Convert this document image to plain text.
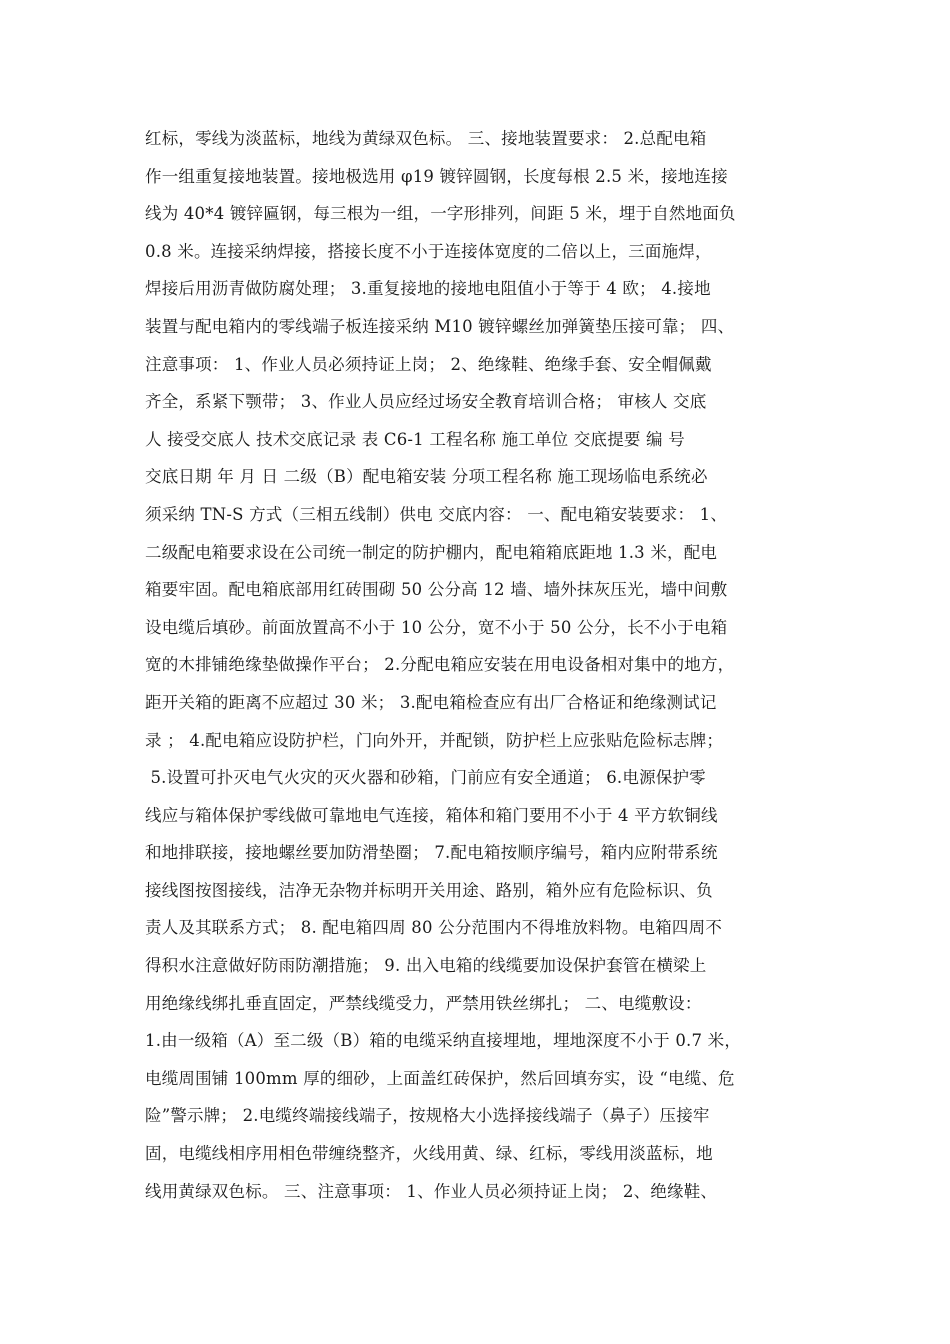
红标，零线为淡蓝标，地线为黄绿双色标。 三、接地装置要求： 2.总配电箱
作一组重复接地装置。接地极选用 φ19 镀锌圆钢，长度每根 2.5 米，接地连接
线为 40*4 镀锌匾钢，每三根为一组，一字形排列，间距 5 米，埋于自然地面负
0.8 米。连接采纳焊接，搭接长度不小于连接体宽度的二倍以上，三面施焊，
焊接后用沥青做防腐处理； 3.重复接地的接地电阻值小于等于 4 欧； 4.接地
装置与配电箱内的零线端子板连接采纳 M10 镀锌螺丝加弹簧垫压接可靠； 四、
注意事项： 1、作业人员必须持证上岗； 2、绝缘鞋、绝缘手套、安全帽佩戴
齐全，系紧下颚带； 3、作业人员应经过场安全教育培训合格； 审核人 交底
人 接受交底人 技术交底记录 表 C6-1 工程名称 施工单位 交底提要 编 号
交底日期 年 月 日 二级（B）配电箱安装 分项工程名称 施工现场临电系统必
须采纳 TN-S 方式（三相五线制）供电 交底内容： 一、配电箱安装要求： 1、
二级配电箱要求设在公司统一制定的防护棚内，配电箱箱底距地 1.3 米，配电
箱要牢固。配电箱底部用红砖围砌 50 公分高 12 墙、墙外抹灰压光，墙中间敷
设电缆后填砂。前面放置高不小于 10 公分，宽不小于 50 公分，长不小于电箱
宽的木排铺绝缘垫做操作平台； 2.分配电箱应安装在用电设备相对集中的地方，
距开关箱的距离不应超过 30 米； 3.配电箱检查应有出厂合格证和绝缘测试记
录 ； 4.配电箱应设防护栏，门向外开，并配锁，防护栏上应张贴危险标志牌；
5.设置可扑灭电气火灾的灭火器和砂箱，门前应有安全通道； 6.电源保护零
线应与箱体保护零线做可靠地电气连接，箱体和箱门要用不小于 4 平方软铜线
和地排联接，接地螺丝要加防滑垫圈； 7.配电箱按顺序编号，箱内应附带系统
接线图按图接线，洁净无杂物并标明开关用途、路别，箱外应有危险标识、负
责人及其联系方式； 8. 配电箱四周 80 公分范围内不得堆放料物。电箱四周不
得积水注意做好防雨防潮措施； 9. 出入电箱的线缆要加设保护套管在横梁上
用绝缘线绑扎垂直固定，严禁线缆受力，严禁用铁丝绑扎； 二、电缆敷设：
1.由一级箱（A）至二级（B）箱的电缆采纳直接埋地，埋地深度不小于 0.7 米，
电缆周围铺 100mm 厚的细砂，上面盖红砖保护，然后回填夯实，设 “电缆、危
险”警示牌； 2.电缆终端接线端子，按规格大小选择接线端子（鼻子）压接牢
固，电缆线相序用相色带缠绕整齐，火线用黄、绿、红标，零线用淡蓝标，地
线用黄绿双色标。 三、注意事项： 1、作业人员必须持证上岗； 2、绝缘鞋、
